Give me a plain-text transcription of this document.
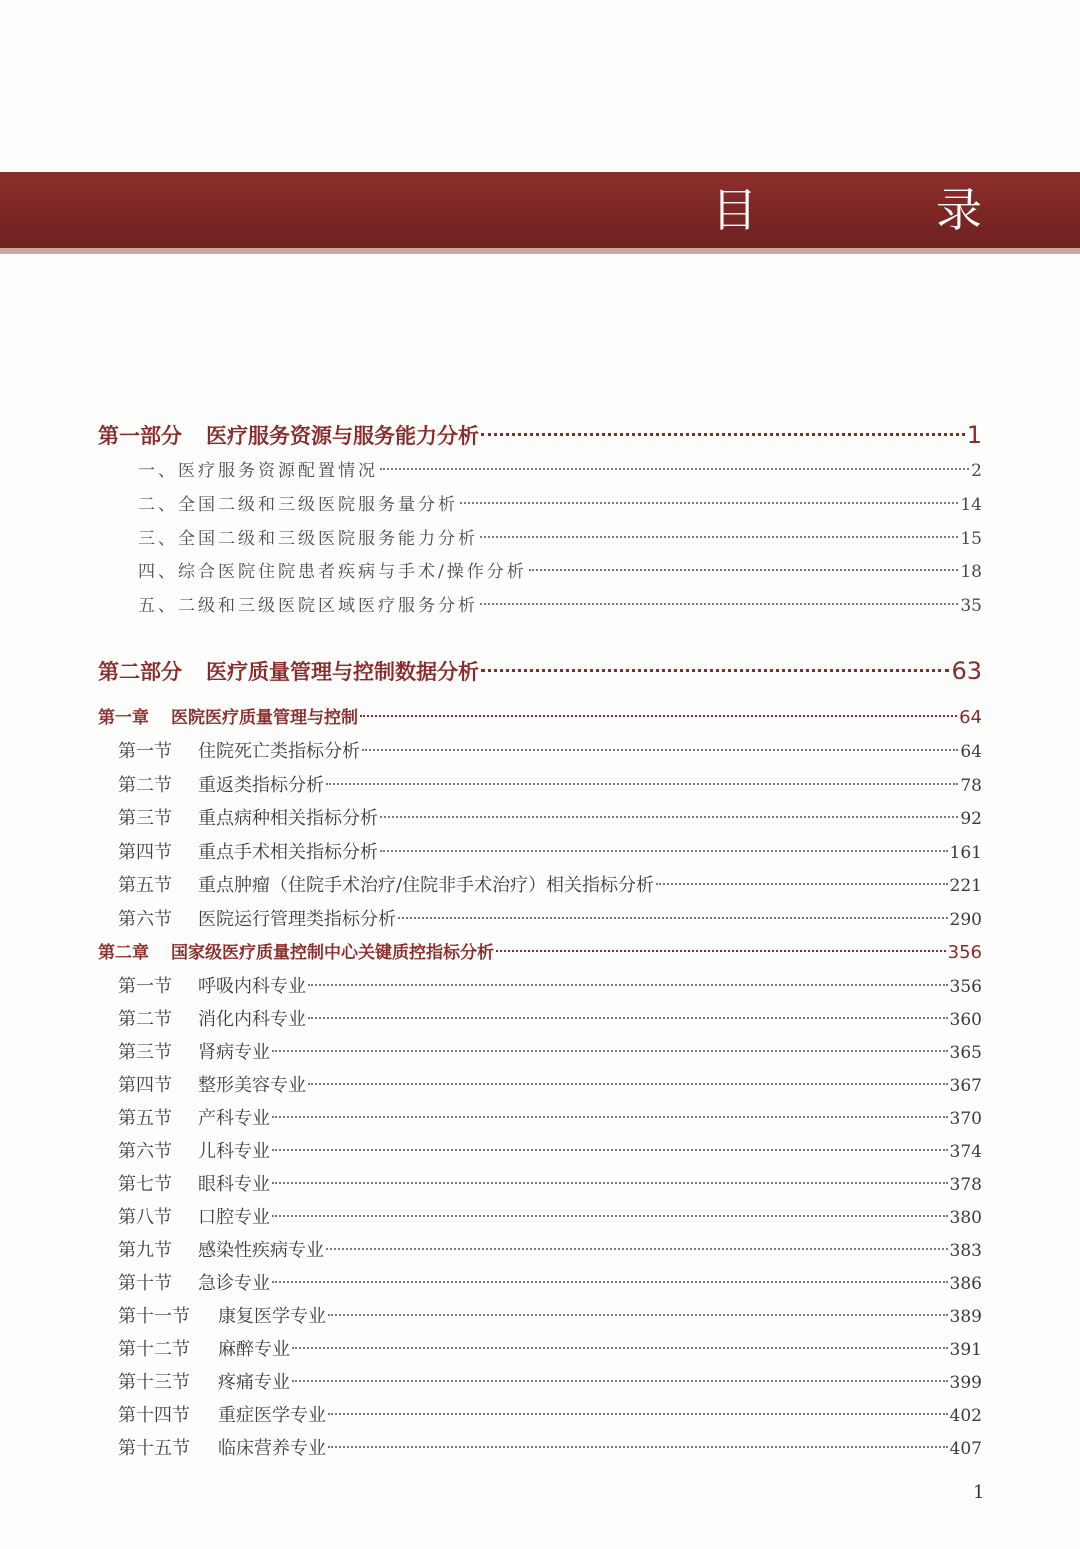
目 录
第一部分 医疗服务资源与服务能力分析	1
一、医疗服务资源配置情况	2
二、全国二级和三级医院服务量分析	14
三、全国二级和三级医院服务能力分析	15
四、综合医院住院患者疾病与手术/操作分析	18
五、二级和三级医院区域医疗服务分析	35
第二部分 医疗质量管理与控制数据分析	63
第一章 医院医疗质量管理与控制	64
第一节 住院死亡类指标分析	64
第二节 重返类指标分析	78
第三节 重点病种相关指标分析	92
第四节 重点手术相关指标分析	161
第五节 重点肿瘤（住院手术治疗/住院非手术治疗）相关指标分析	221
第六节 医院运行管理类指标分析	290
第二章 国家级医疗质量控制中心关键质控指标分析	356
第一节 呼吸内科专业	356
第二节 消化内科专业	360
第三节 肾病专业	365
第四节 整形美容专业	367
第五节 产科专业	370
第六节 儿科专业	374
第七节 眼科专业	378
第八节 口腔专业	380
第九节 感染性疾病专业	383
第十节 急诊专业	386
第十一节 康复医学专业	389
第十二节 麻醉专业	391
第十三节 疼痛专业	399
第十四节 重症医学专业	402
第十五节 临床营养专业	407
1
